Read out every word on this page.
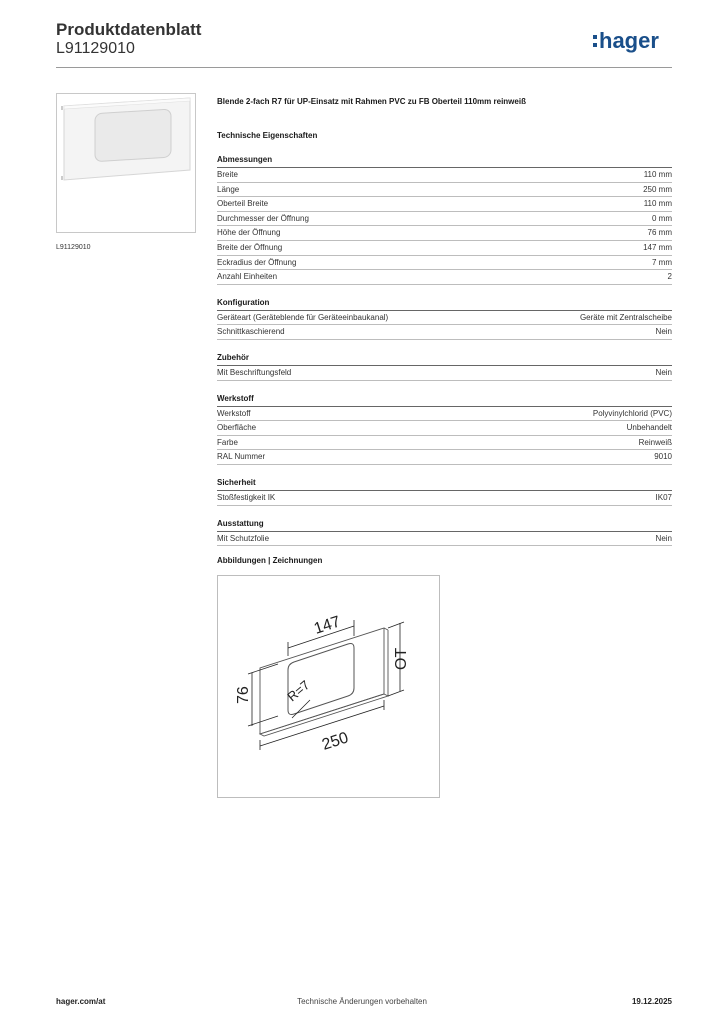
Produktdatenblatt
L91129010	hager
L91129010
Blende 2-fach R7 für UP-Einsatz mit Rahmen PVC zu FB Oberteil 110mm reinweiß
Technische Eigenschaften
Abmessungen
Breite	110 mm
Länge	250 mm
Oberteil Breite	110 mm
Durchmesser der Öffnung	0 mm
Höhe der Öffnung	76 mm
Breite der Öffnung	147 mm
Eckradius der Öffnung	7 mm
Anzahl Einheiten	2
Konfiguration
Geräteart (Geräteblende für Geräteeinbaukanal)	Geräte mit Zentralscheibe
Schnittkaschierend	Nein
Zubehör
Mit Beschriftungsfeld	Nein
Werkstoff
Werkstoff	Polyvinylchlorid (PVC)
Oberfläche	Unbehandelt
Farbe	Reinweiß
RAL Nummer	9010
Sicherheit
Stoßfestigkeit IK	IK07
Ausstattung
Mit Schutzfolie	Nein
Abbildungen | Zeichnungen
147
76 R=7
250
OT
hager.com/at	Technische Änderungen vorbehalten	19.12.2025
